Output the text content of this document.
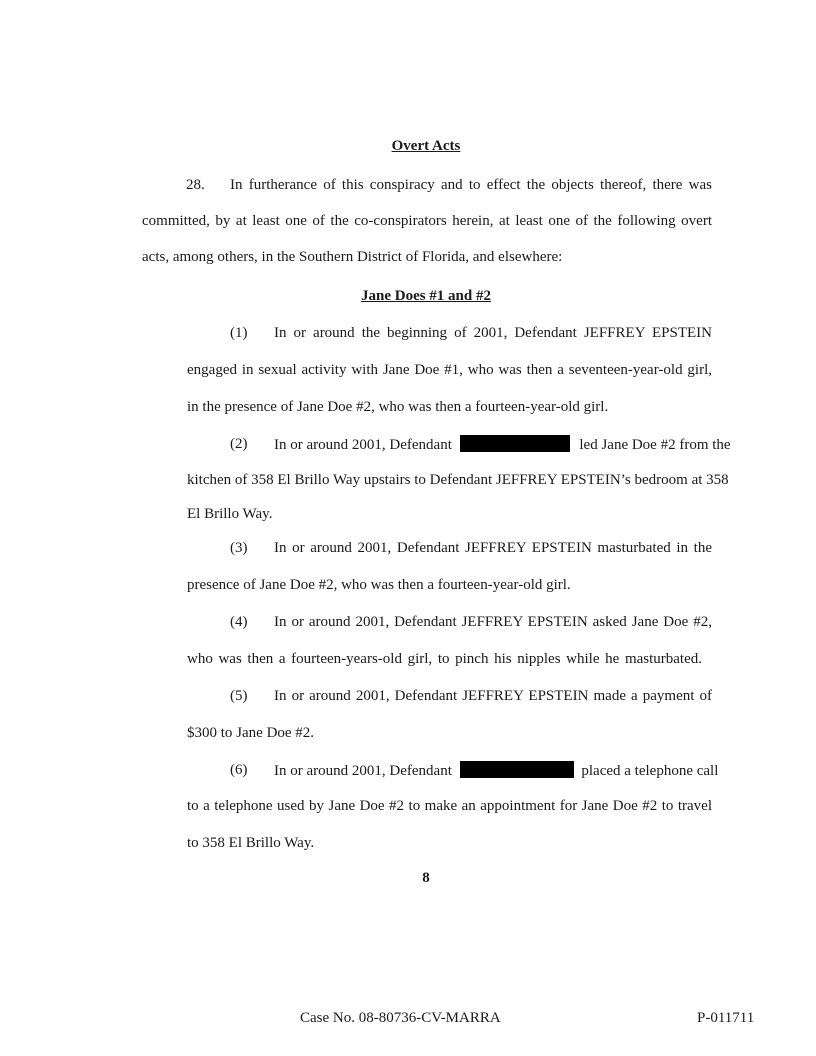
Overt Acts
28. In furtherance of this conspiracy and to effect the objects thereof, there was
committed, by at least one of the co-conspirators herein, at least one of the following overt
acts, among others, in the Southern District of Florida, and elsewhere:
Jane Does #1 and #2
(1) In or around the beginning of 2001, Defendant JEFFREY EPSTEIN
engaged in sexual activity with Jane Doe #1, who was then a seventeen-year-old girl,
in the presence of Jane Doe #2, who was then a fourteen-year-old girl.
(2) In or around 2001, Defendant	led Jane Doe #2 from the
kitchen of 358 El Brillo Way upstairs to Defendant JEFFREY EPSTEIN’s bedroom at 358
El Brillo Way.
(3) In or around 2001, Defendant JEFFREY EPSTEIN masturbated in the
presence of Jane Doe #2, who was then a fourteen-year-old girl.
(4) In or around 2001, Defendant JEFFREY EPSTEIN asked Jane Doe #2,
who was then a fourteen-years-old girl, to pinch his nipples while he masturbated.
(5) In or around 2001, Defendant JEFFREY EPSTEIN made a payment of
$300 to Jane Doe #2.
(6) In or around 2001, Defendant	placed a telephone call
to a telephone used by Jane Doe #2 to make an appointment for Jane Doe #2 to travel
to 358 El Brillo Way.
8
Case No. 08-80736-CV-MARRA	P-011711
